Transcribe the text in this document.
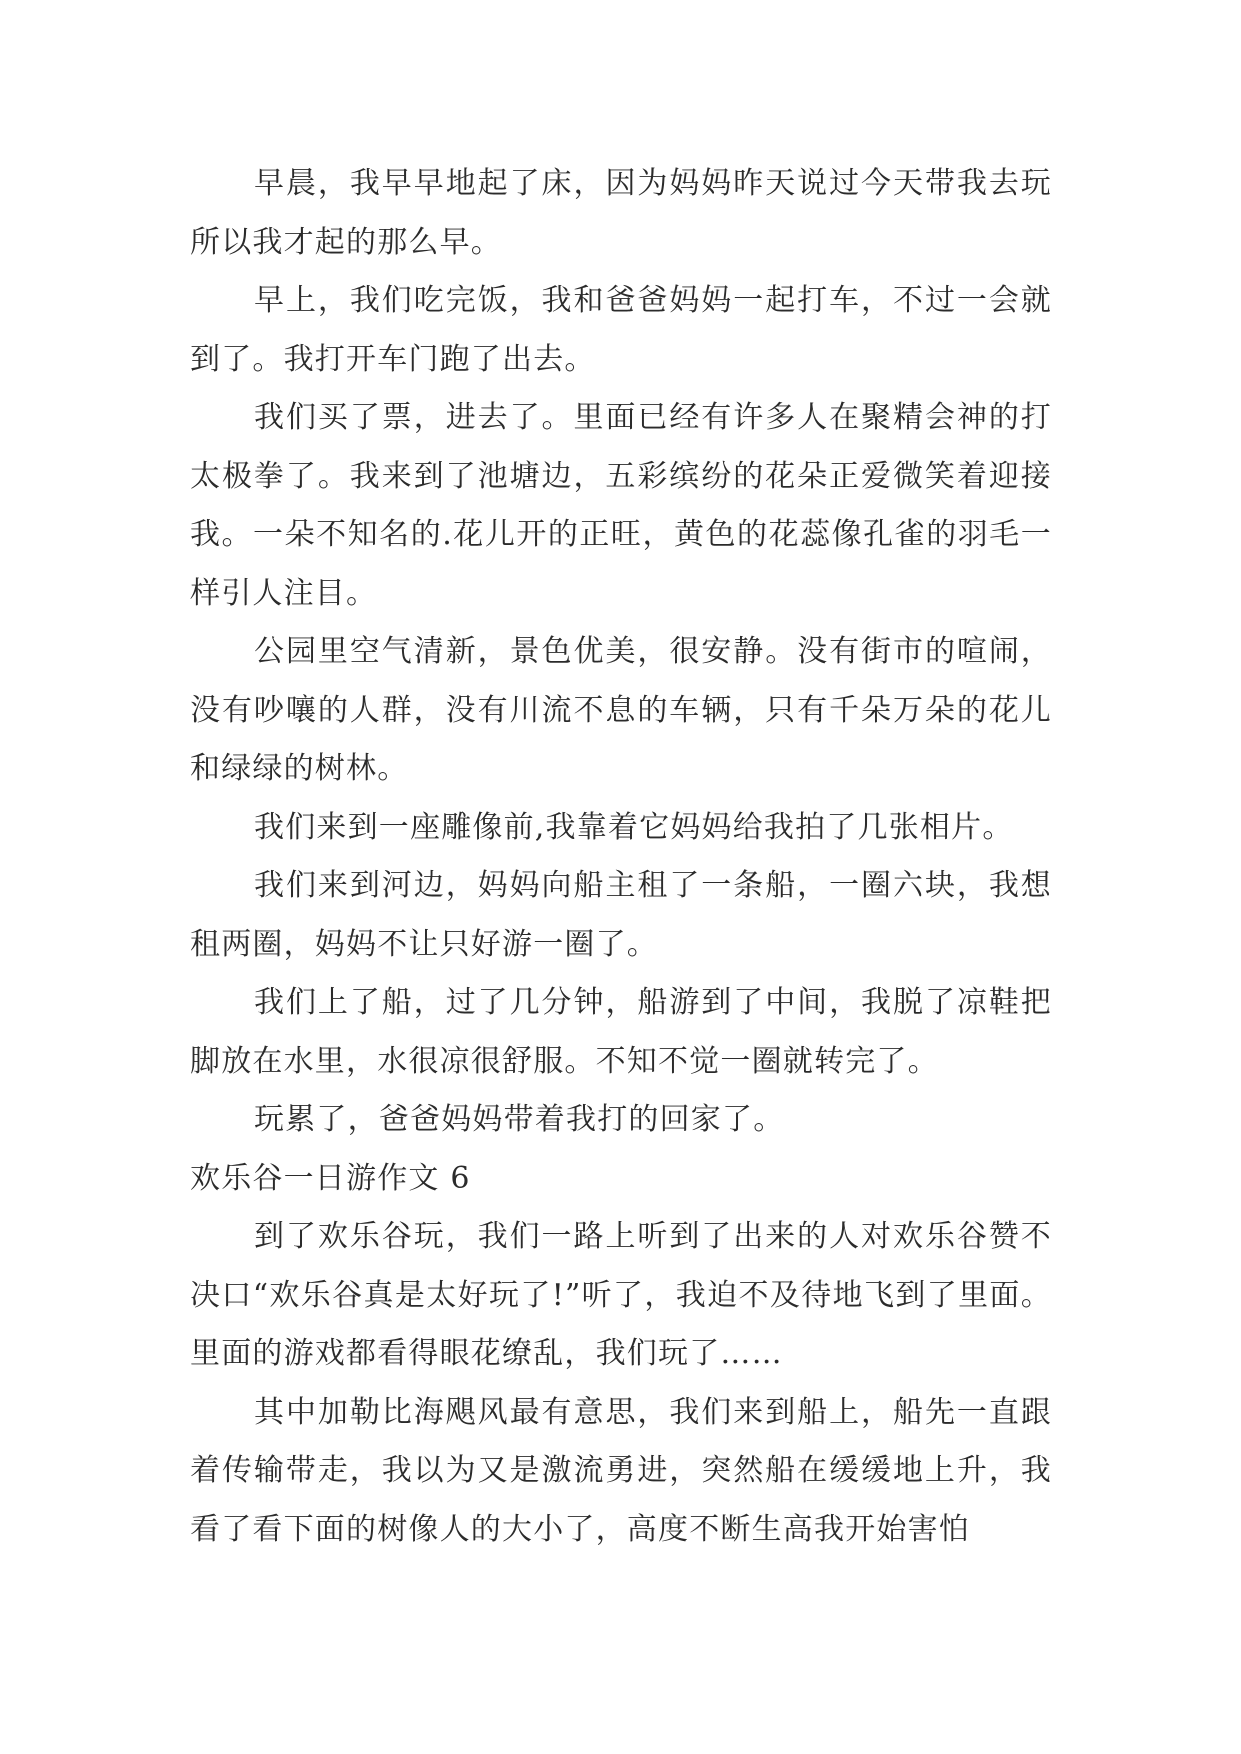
早晨，我早早地起了床，因为妈妈昨天说过今天带我去玩所以我才起的那么早。

早上，我们吃完饭，我和爸爸妈妈一起打车，不过一会就到了。我打开车门跑了出去。

我们买了票，进去了。里面已经有许多人在聚精会神的打太极拳了。我来到了池塘边，五彩缤纷的花朵正爱微笑着迎接我。一朵不知名的.花儿开的正旺，黄色的花蕊像孔雀的羽毛一样引人注目。

公园里空气清新，景色优美，很安静。没有街市的喧闹，没有吵嚷的人群，没有川流不息的车辆，只有千朵万朵的花儿和绿绿的树林。

我们来到一座雕像前,我靠着它妈妈给我拍了几张相片。

我们来到河边，妈妈向船主租了一条船，一圈六块，我想租两圈，妈妈不让只好游一圈了。

我们上了船，过了几分钟，船游到了中间，我脱了凉鞋把脚放在水里，水很凉很舒服。不知不觉一圈就转完了。

玩累了，爸爸妈妈带着我打的回家了。

欢乐谷一日游作文 6

到了欢乐谷玩，我们一路上听到了出来的人对欢乐谷赞不决口“欢乐谷真是太好玩了!”听了，我迫不及待地飞到了里面。里面的游戏都看得眼花缭乱，我们玩了……

其中加勒比海飓风最有意思，我们来到船上，船先一直跟着传输带走，我以为又是激流勇进，突然船在缓缓地上升，我看了看下面的树像人的大小了，高度不断生高我开始害怕
